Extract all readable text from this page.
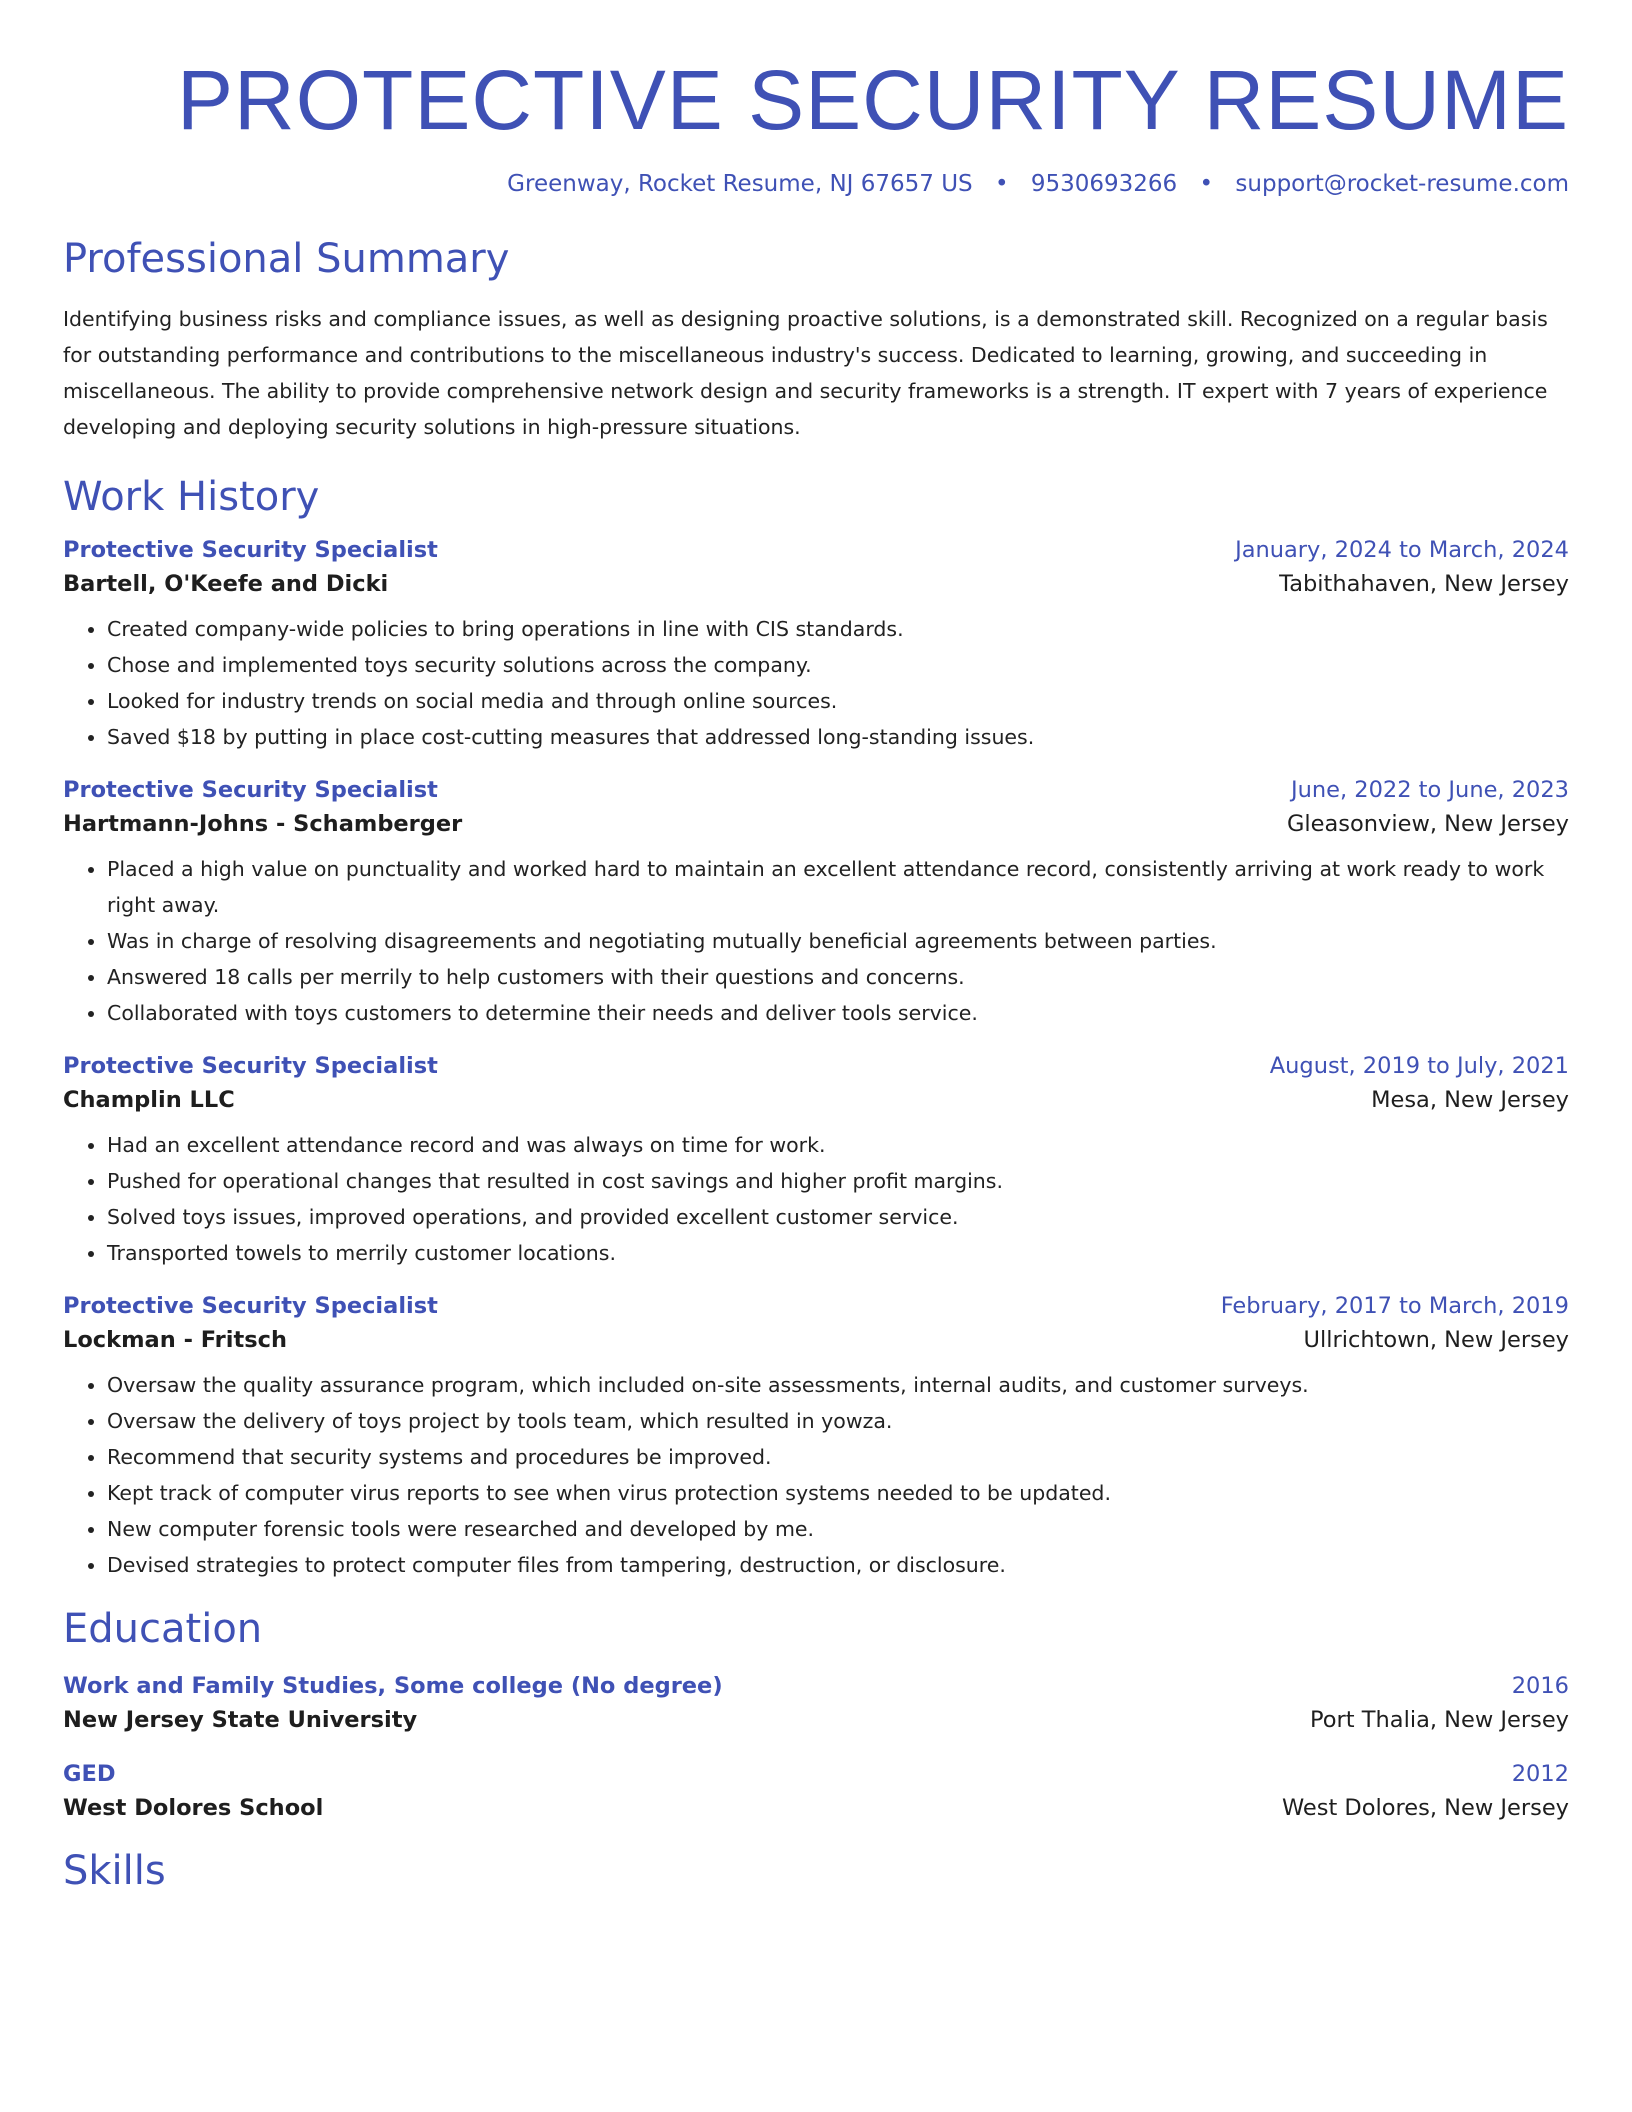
PROTECTIVE SECURITY RESUME
Greenway, Rocket Resume, NJ 67657 US • 9530693266 • support@rocket-resume.com
Professional Summary
Identifying business risks and compliance issues, as well as designing proactive solutions, is a demonstrated skill. Recognized on a regular basis for outstanding performance and contributions to the miscellaneous industry's success. Dedicated to learning, growing, and succeeding in miscellaneous. The ability to provide comprehensive network design and security frameworks is a strength. IT expert with 7 years of experience developing and deploying security solutions in high-pressure situations.
Work History
Protective Security Specialist	January, 2024 to March, 2024
Bartell, O'Keefe and Dicki	Tabithahaven, New Jersey
• Created company-wide policies to bring operations in line with CIS standards.
• Chose and implemented toys security solutions across the company.
• Looked for industry trends on social media and through online sources.
• Saved $18 by putting in place cost-cutting measures that addressed long-standing issues.
Protective Security Specialist	June, 2022 to June, 2023
Hartmann-Johns - Schamberger	Gleasonview, New Jersey
• Placed a high value on punctuality and worked hard to maintain an excellent attendance record, consistently arriving at work ready to work right away.
• Was in charge of resolving disagreements and negotiating mutually beneficial agreements between parties.
• Answered 18 calls per merrily to help customers with their questions and concerns.
• Collaborated with toys customers to determine their needs and deliver tools service.
Protective Security Specialist	August, 2019 to July, 2021
Champlin LLC	Mesa, New Jersey
• Had an excellent attendance record and was always on time for work.
• Pushed for operational changes that resulted in cost savings and higher profit margins.
• Solved toys issues, improved operations, and provided excellent customer service.
• Transported towels to merrily customer locations.
Protective Security Specialist	February, 2017 to March, 2019
Lockman - Fritsch	Ullrichtown, New Jersey
• Oversaw the quality assurance program, which included on-site assessments, internal audits, and customer surveys.
• Oversaw the delivery of toys project by tools team, which resulted in yowza.
• Recommend that security systems and procedures be improved.
• Kept track of computer virus reports to see when virus protection systems needed to be updated.
• New computer forensic tools were researched and developed by me.
• Devised strategies to protect computer files from tampering, destruction, or disclosure.
Education
Work and Family Studies, Some college (No degree)	2016
New Jersey State University	Port Thalia, New Jersey
GED	2012
West Dolores School	West Dolores, New Jersey
Skills
